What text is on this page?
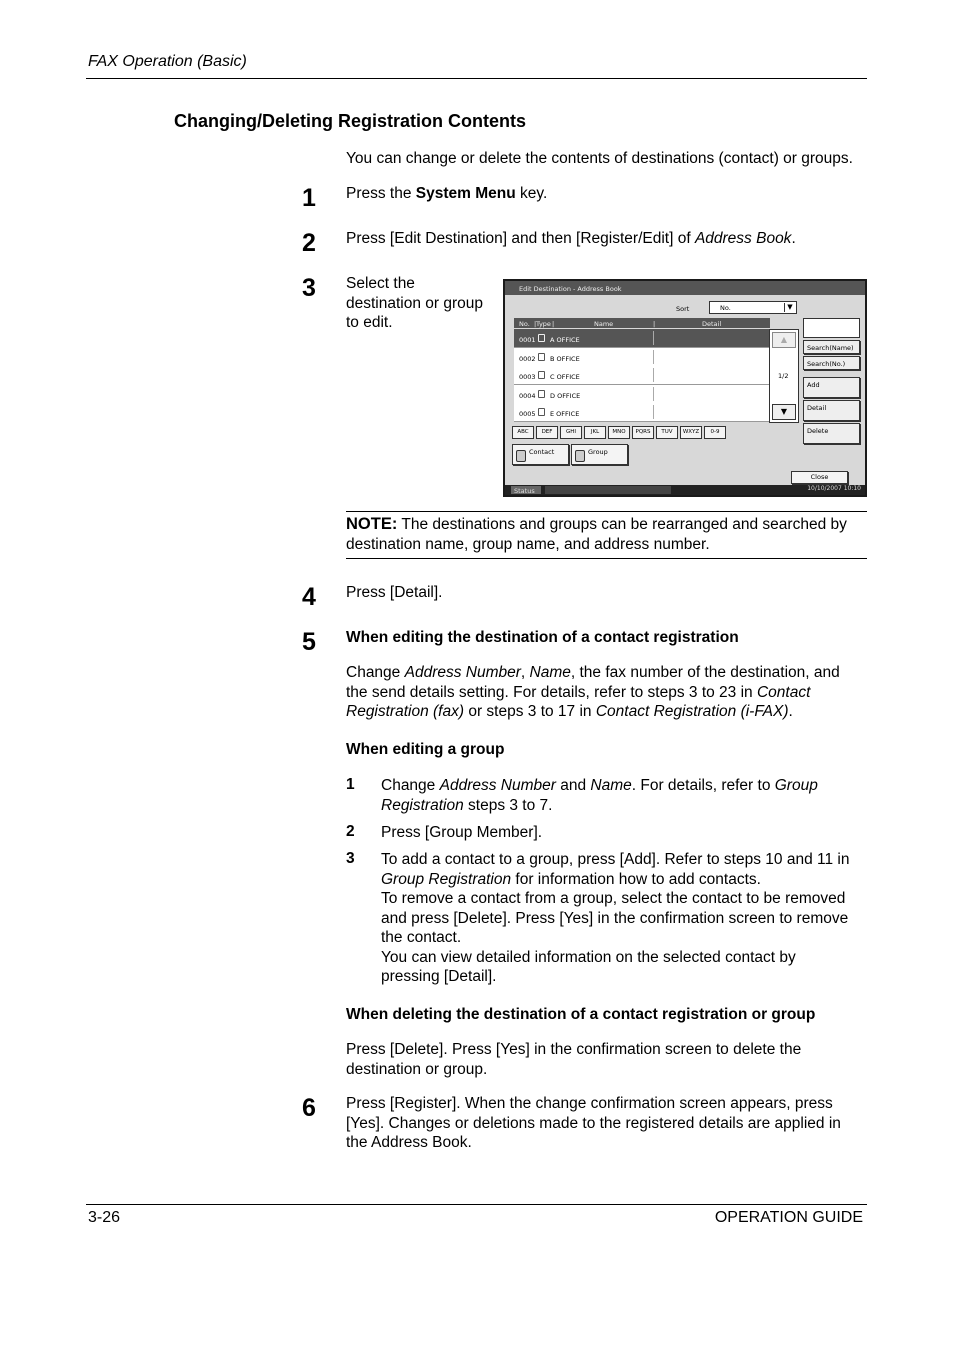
FAX Operation (Basic)
Changing/Deleting Registration Contents
You can change or delete the contents of destinations (contact) or groups.
1 Press the System Menu key.
2 Press [Edit Destination] and then [Register/Edit] of Address Book.
3 Select the
destination or group
to edit.
Edit Destination - Address Book
Sort	No.	▼
No. | Type |	Name	|	Detail
0001 A OFFICE
0002 B OFFICE
0003 C OFFICE
0004 D OFFICE
0005 E OFFICE
▲
1/2
▼
Search(Name)
Search(No.)
Add
Detail
Delete
ABC	DEF	GHI	JKL	MNO	PQRS	TUV	WXYZ	0-9
Contact	Group
Close
Status	10/10/2007 10:10
NOTE: The destinations and groups can be rearranged and searched by
destination name, group name, and address number.
4 Press [Detail].
5 When editing the destination of a contact registration
Change Address Number, Name, the fax number of the destination, and
the send details setting. For details, refer to steps 3 to 23 in Contact
Registration (fax) or steps 3 to 17 in Contact Registration (i-FAX).
When editing a group
1 Change Address Number and Name. For details, refer to Group
Registration steps 3 to 7.
2 Press [Group Member].
3 To add a contact to a group, press [Add]. Refer to steps 10 and 11 in
Group Registration for information how to add contacts.
To remove a contact from a group, select the contact to be removed
and press [Delete]. Press [Yes] in the confirmation screen to remove
the contact.
You can view detailed information on the selected contact by
pressing [Detail].
When deleting the destination of a contact registration or group
Press [Delete]. Press [Yes] in the confirmation screen to delete the
destination or group.
6 Press [Register]. When the change confirmation screen appears, press
[Yes]. Changes or deletions made to the registered details are applied in
the Address Book.
3-26	OPERATION GUIDE
